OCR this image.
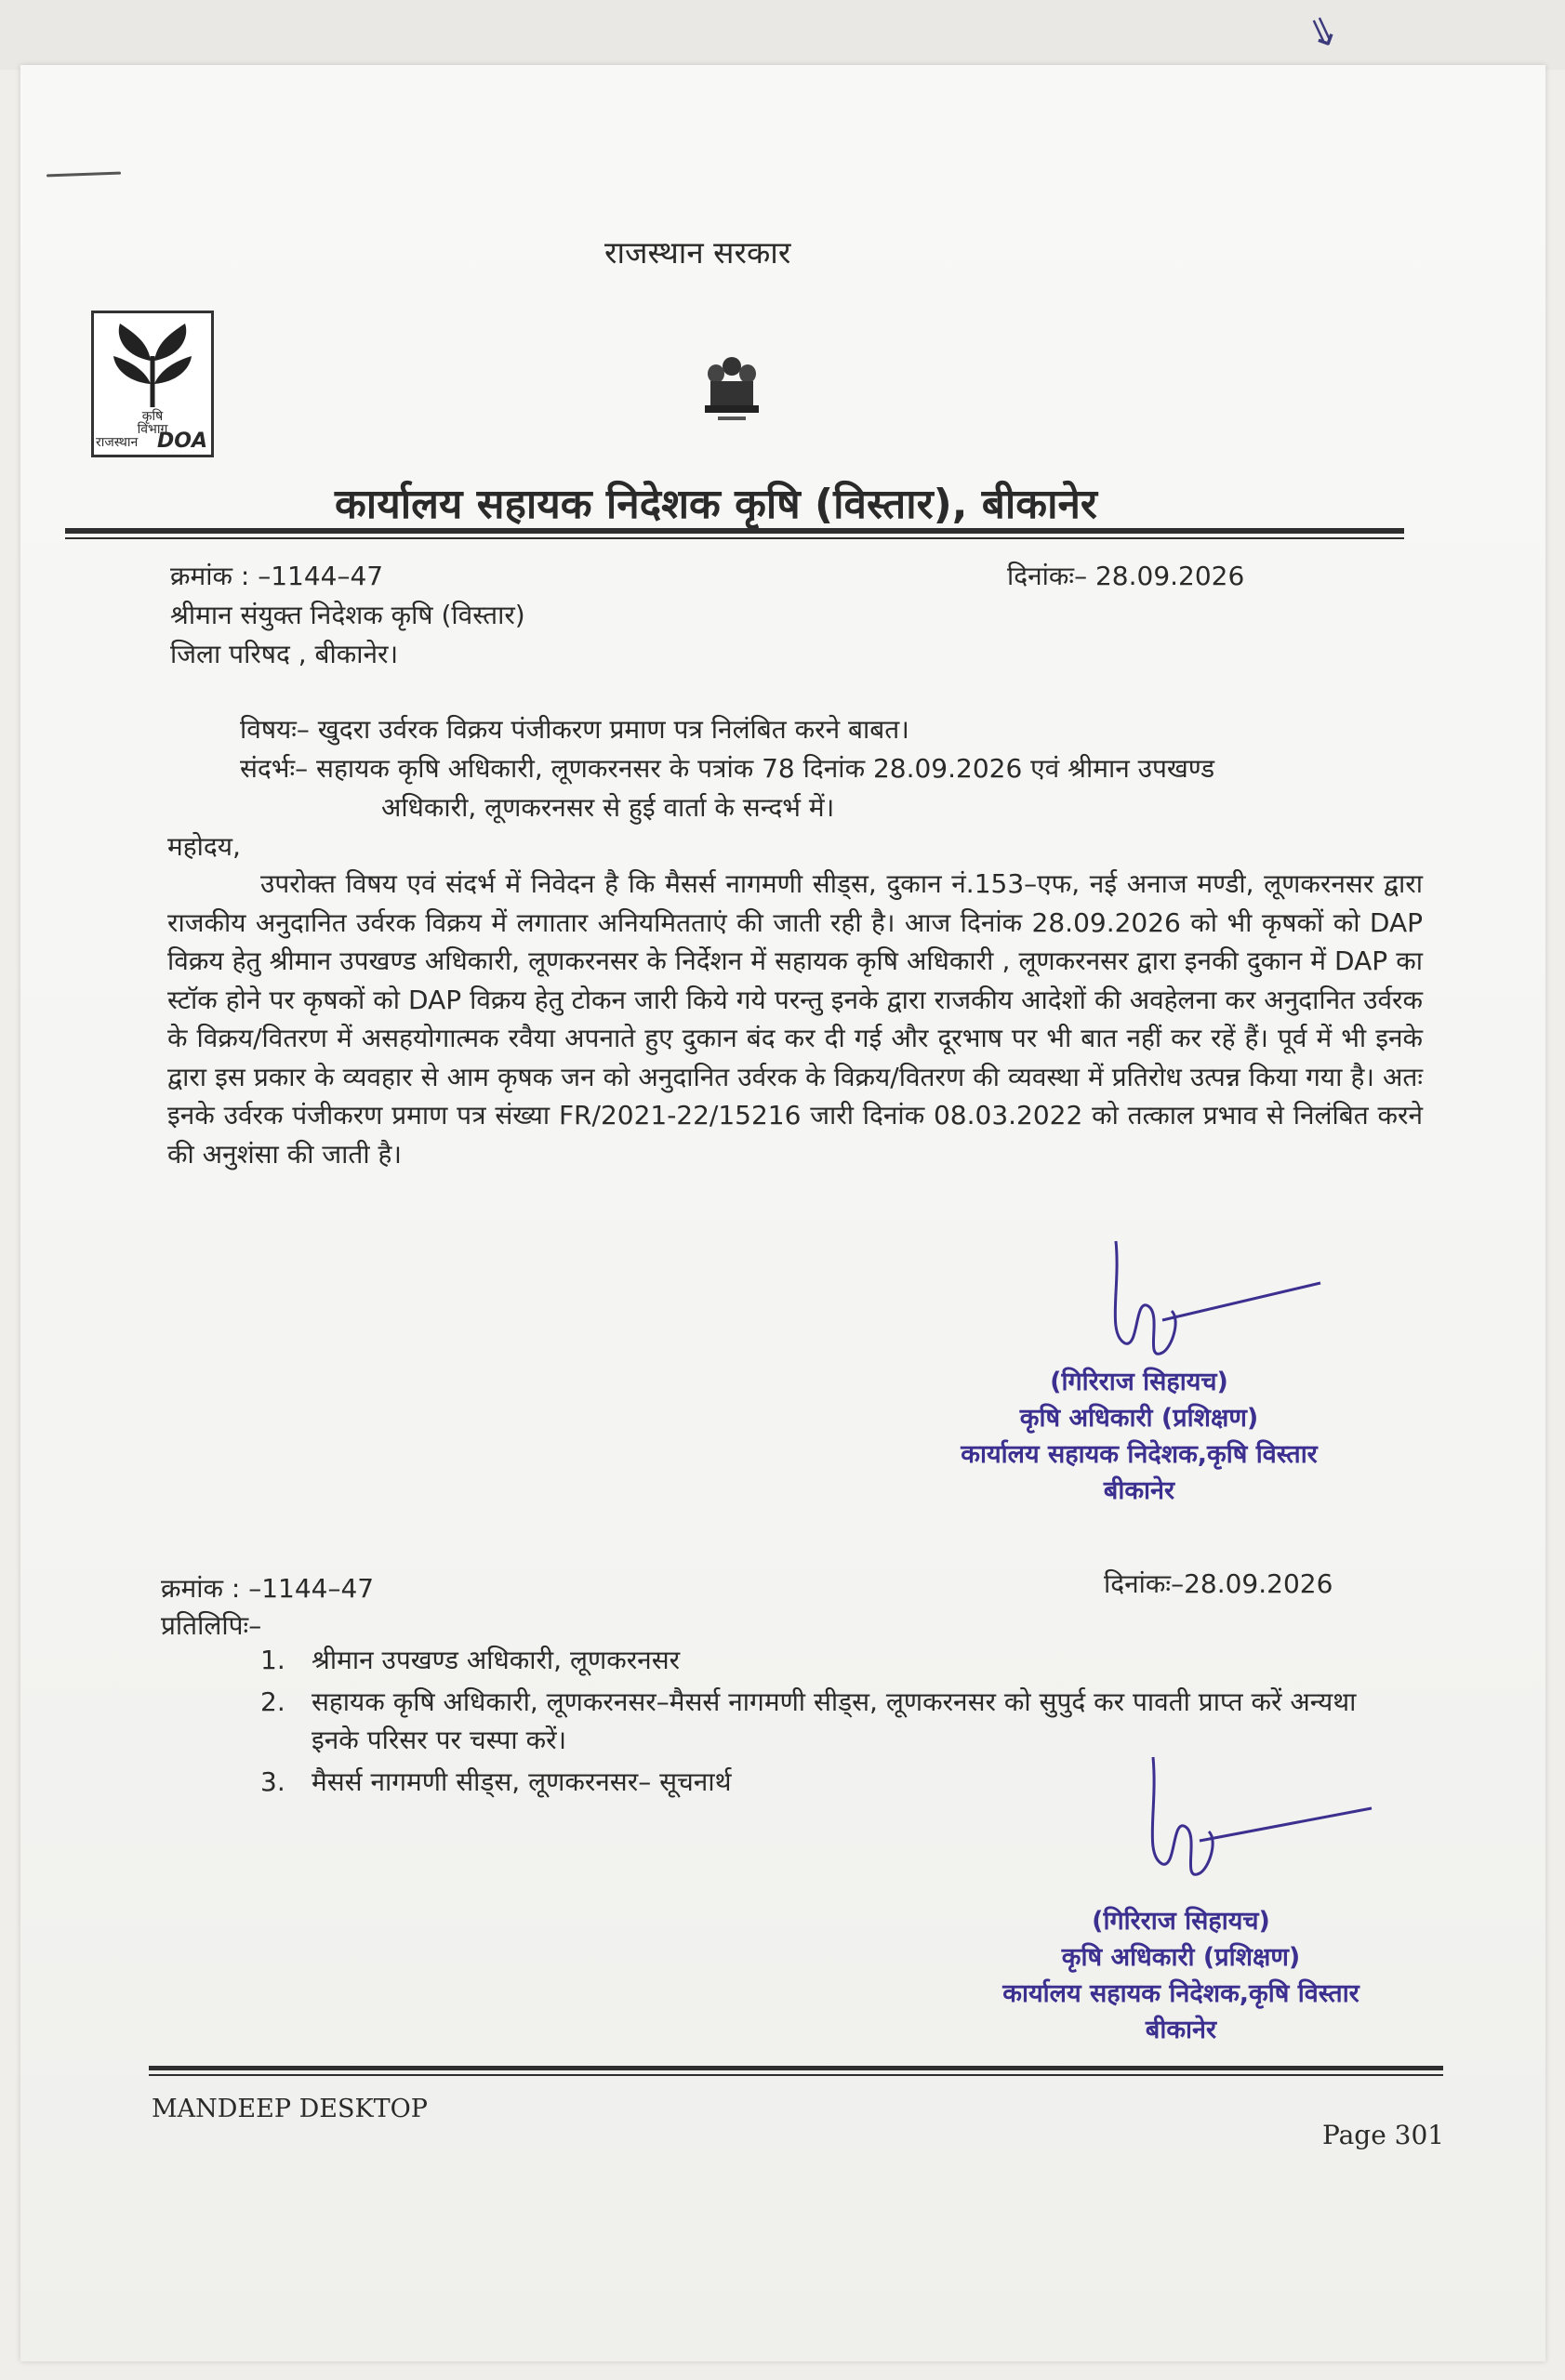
⇘
राजस्थान सरकार
कृषि
विभाग
राजस्थान DOA
कार्यालय सहायक निदेशक कृषि (विस्तार), बीकानेर
क्रमांक : –1144–47	दिनांकः– 28.09.2026
श्रीमान संयुक्त निदेशक कृषि (विस्तार)
जिला परिषद , बीकानेर।
विषयः– खुदरा उर्वरक विक्रय पंजीकरण प्रमाण पत्र निलंबित करने बाबत।
संदर्भः– सहायक कृषि अधिकारी, लूणकरनसर के पत्रांक 78 दिनांक 28.09.2026 एवं श्रीमान उपखण्ड
अधिकारी, लूणकरनसर से हुई वार्ता के सन्दर्भ में।
महोदय,
उपरोक्त विषय एवं संदर्भ में निवेदन है कि मैसर्स नागमणी सीड्स, दुकान नं.153–एफ, नई अनाज मण्डी, लूणकरनसर द्वारा राजकीय अनुदानित उर्वरक विक्रय में लगातार अनियमितताएं की जाती रही है। आज दिनांक 28.09.2026 को भी कृषकों को DAP विक्रय हेतु श्रीमान उपखण्ड अधिकारी, लूणकरनसर के निर्देशन में सहायक कृषि अधिकारी , लूणकरनसर द्वारा इनकी दुकान में DAP का स्टॉक होने पर कृषकों को DAP विक्रय हेतु टोकन जारी किये गये परन्तु इनके द्वारा राजकीय आदेशों की अवहेलना कर अनुदानित उर्वरक के विक्रय/वितरण में असहयोगात्मक रवैया अपनाते हुए दुकान बंद कर दी गई और दूरभाष पर भी बात नहीं कर रहें हैं। पूर्व में भी इनके द्वारा इस प्रकार के व्यवहार से आम कृषक जन को अनुदानित उर्वरक के विक्रय/वितरण की व्यवस्था में प्रतिरोध उत्पन्न किया गया है। अतः इनके उर्वरक पंजीकरण प्रमाण पत्र संख्या FR/2021-22/15216 जारी दिनांक 08.03.2022 को तत्काल प्रभाव से निलंबित करने की अनुशंसा की जाती है।
(गिरिराज सिहायच)
कृषि अधिकारी (प्रशिक्षण)
कार्यालय सहायक निदेशक,कृषि विस्तार
बीकानेर
क्रमांक : –1144–47	दिनांकः–28.09.2026
प्रतिलिपिः–
1. श्रीमान उपखण्ड अधिकारी, लूणकरनसर
2. सहायक कृषि अधिकारी, लूणकरनसर–मैसर्स नागमणी सीड्स, लूणकरनसर को सुपुर्द कर पावती प्राप्त करें अन्यथा इनके परिसर पर चस्पा करें।
3. मैसर्स नागमणी सीड्स, लूणकरनसर– सूचनार्थ
(गिरिराज सिहायच)
कृषि अधिकारी (प्रशिक्षण)
कार्यालय सहायक निदेशक,कृषि विस्तार
बीकानेर
MANDEEP DESKTOP
Page 301
